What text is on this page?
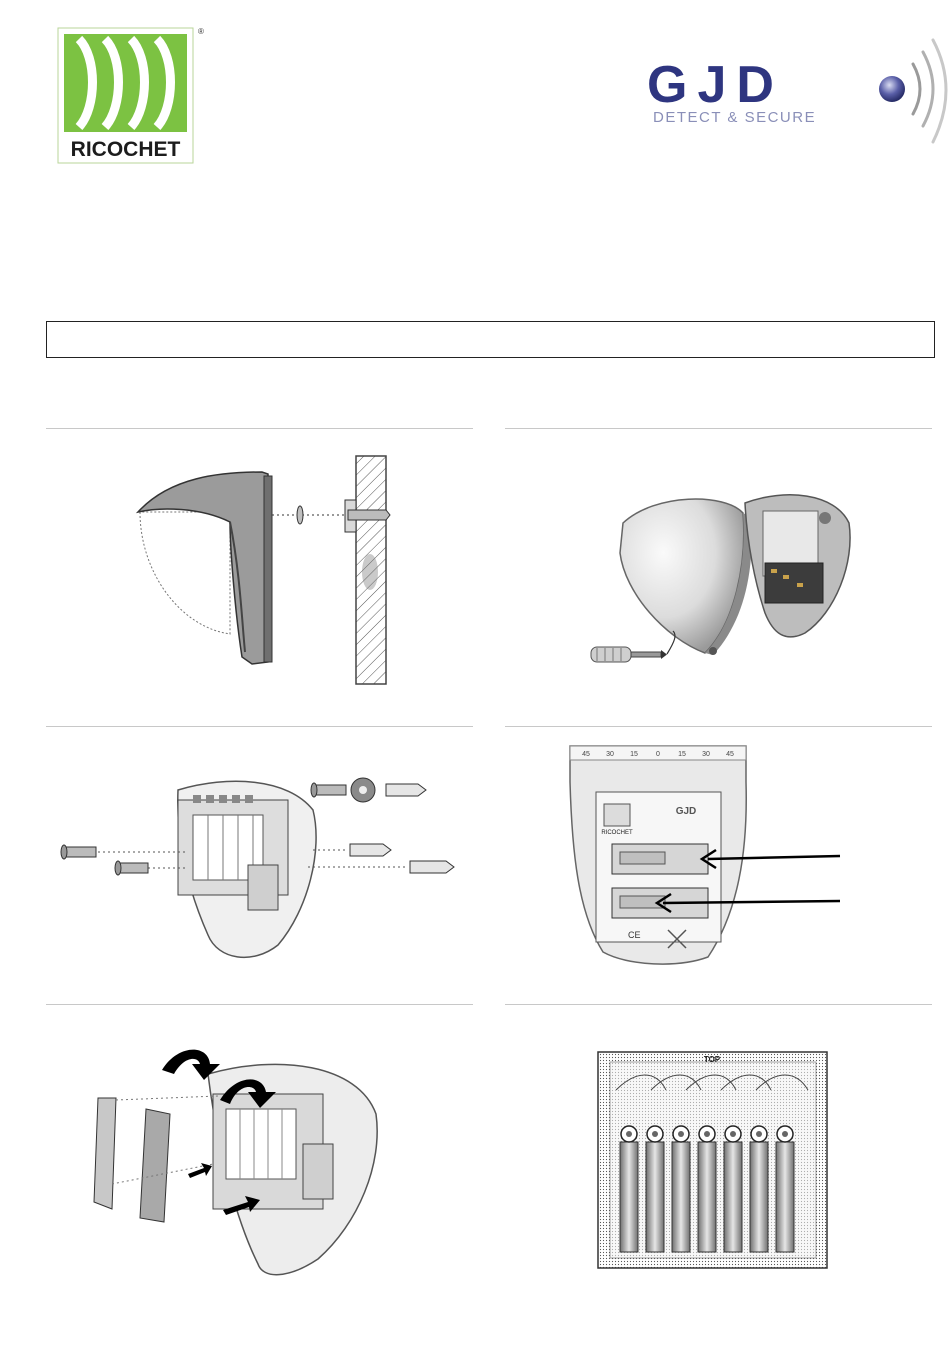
RICOCHET
®
GJD
DETECT & SECURE
45 30 15	0	15 30 45
RICOCHET
GJD
CE
TOP
